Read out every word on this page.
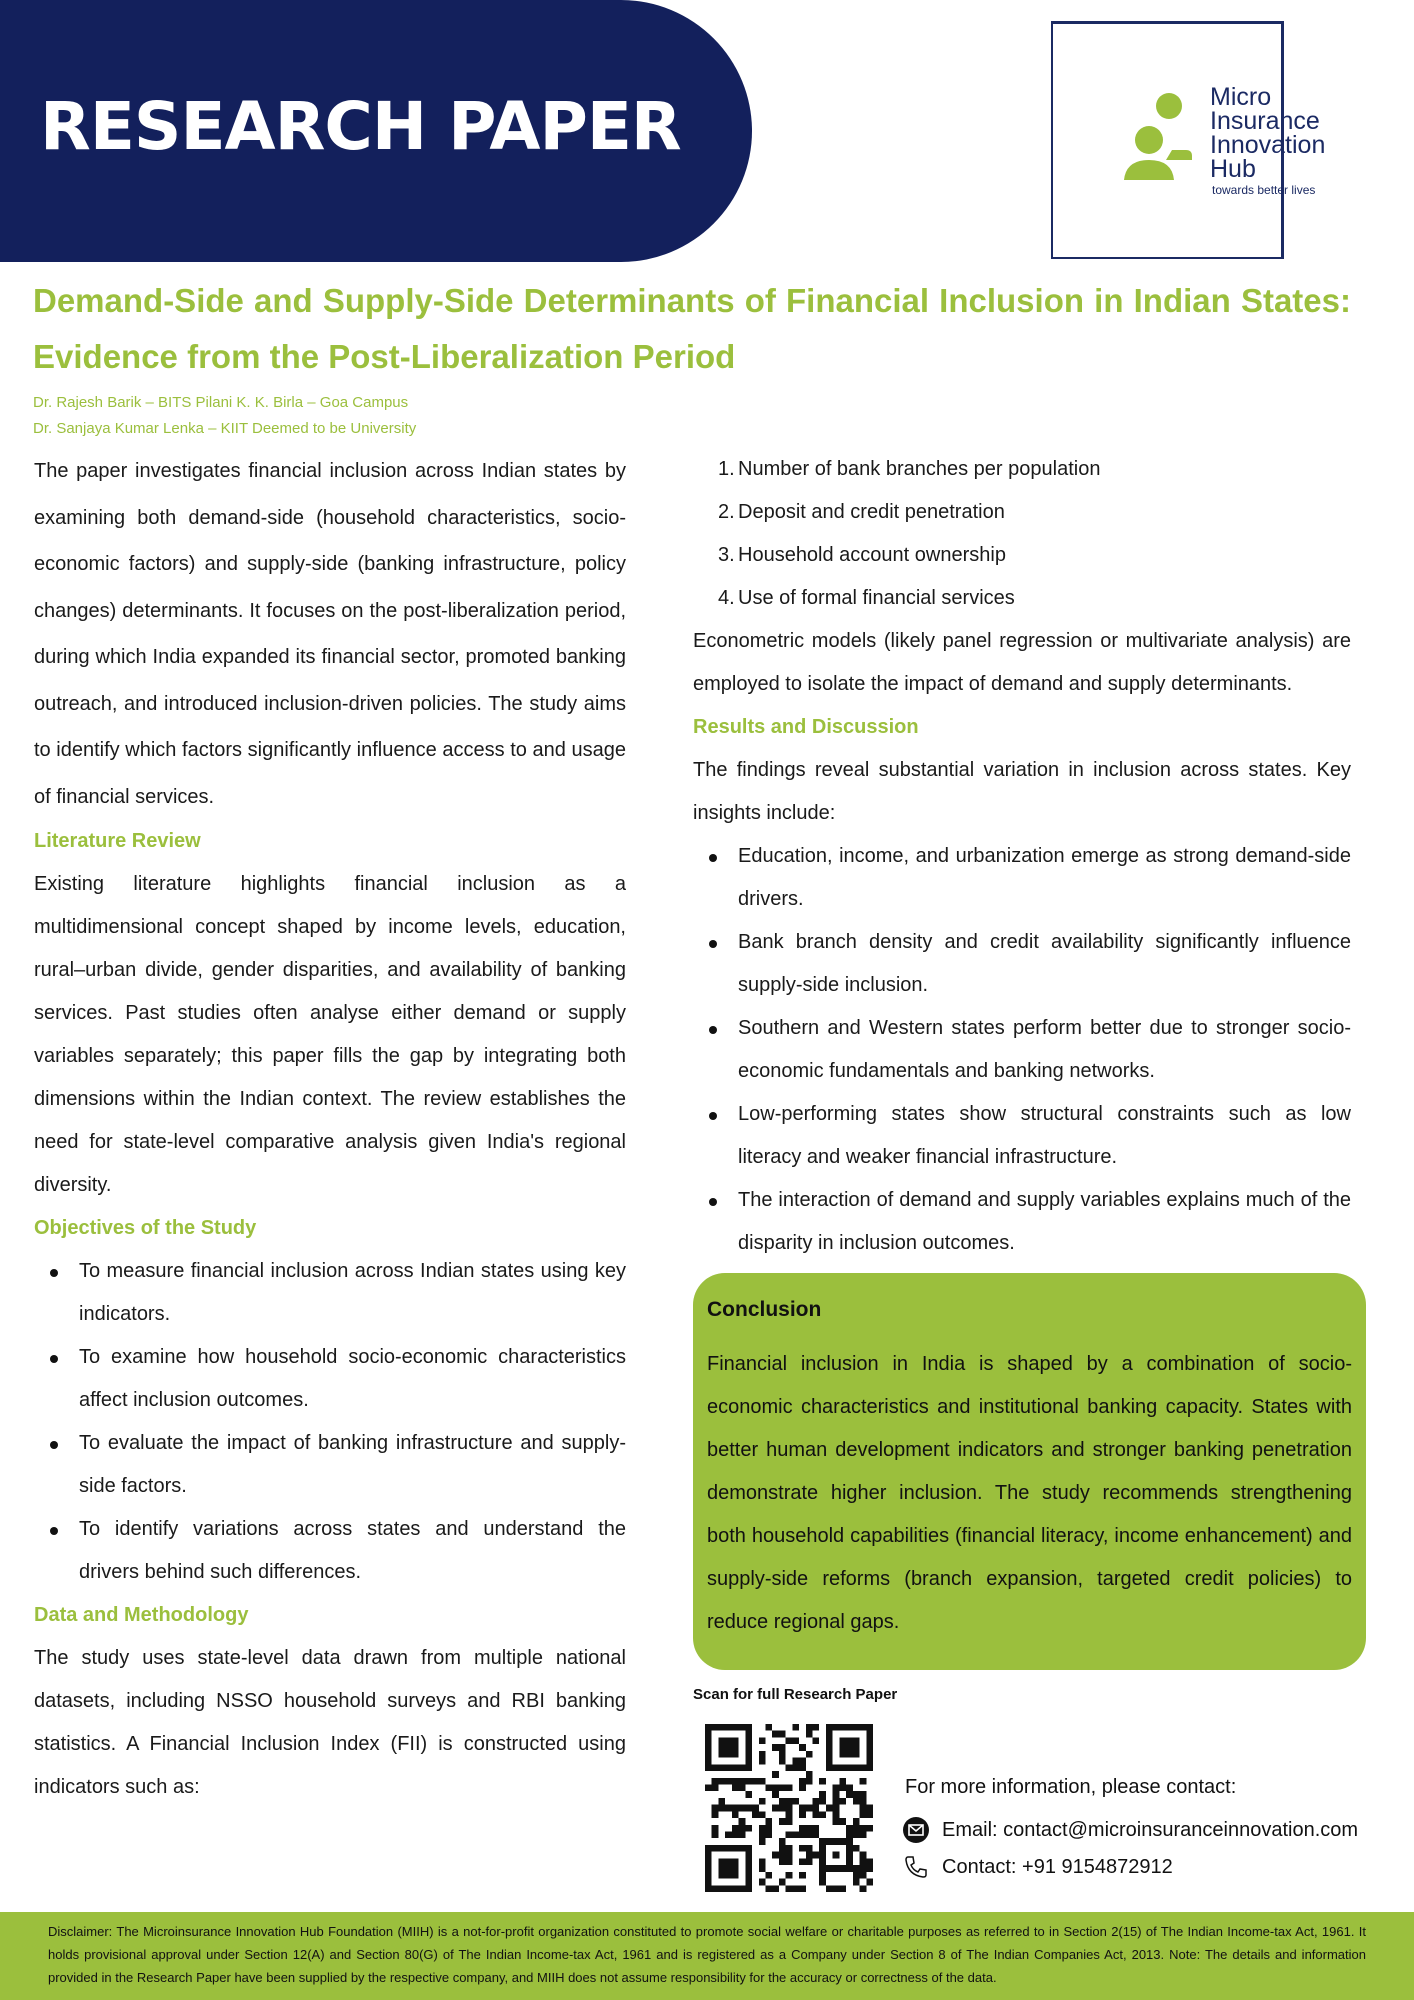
RESEARCH PAPER	Micro
Insurance
Innovation
Hub
towards better lives
Demand-Side and Supply-Side Determinants of Financial Inclusion in Indian States: Evidence from the Post-Liberalization Period
Dr. Rajesh Barik – BITS Pilani K. K. Birla – Goa Campus
Dr. Sanjaya Kumar Lenka – KIIT Deemed to be University

The paper investigates financial inclusion across Indian states by examining both demand-side (household characteristics, socio-economic factors) and supply-side (banking infrastructure, policy changes) determinants. It focuses on the post-liberalization period, during which India expanded its financial sector, promoted banking outreach, and introduced inclusion-driven policies. The study aims to identify which factors significantly influence access to and usage of financial services.

Literature Review

Existing literature highlights financial inclusion as a multidimensional concept shaped by income levels, education, rural–urban divide, gender disparities, and availability of banking services. Past studies often analyse either demand or supply variables separately; this paper fills the gap by integrating both dimensions within the Indian context. The review establishes the need for state-level comparative analysis given India's regional diversity.

Objectives of the Study
To measure financial inclusion across Indian states using key indicators.
To examine how household socio-economic characteristics affect inclusion outcomes.
To evaluate the impact of banking infrastructure and supply-side factors.
To identify variations across states and understand the drivers behind such differences.
Data and Methodology

The study uses state-level data drawn from multiple national datasets, including NSSO household surveys and RBI banking statistics. A Financial Inclusion Index (FII) is constructed using indicators such as:

1. Number of bank branches per population
2. Deposit and credit penetration
3. Household account ownership
4. Use of formal financial services

Econometric models (likely panel regression or multivariate analysis) are employed to isolate the impact of demand and supply determinants.

Results and Discussion

The findings reveal substantial variation in inclusion across states. Key insights include:

Education, income, and urbanization emerge as strong demand-side drivers.
Bank branch density and credit availability significantly influence supply-side inclusion.
Southern and Western states perform better due to stronger socio-economic fundamentals and banking networks.
Low-performing states show structural constraints such as low literacy and weaker financial infrastructure.
The interaction of demand and supply variables explains much of the disparity in inclusion outcomes.
Conclusion

Financial inclusion in India is shaped by a combination of socio-economic characteristics and institutional banking capacity. States with better human development indicators and stronger banking penetration demonstrate higher inclusion. The study recommends strengthening both household capabilities (financial literacy, income enhancement) and supply-side reforms (branch expansion, targeted credit policies) to reduce regional gaps.

Scan for full Research Paper
For more information, please contact:
Email: contact@microinsuranceinnovation.com
Contact: +91 9154872912
Disclaimer: The Microinsurance Innovation Hub Foundation (MIIH) is a not-for-profit organization constituted to promote social welfare or charitable purposes as referred to in Section 2(15) of The Indian Income-tax Act, 1961. It holds provisional approval under Section 12(A) and Section 80(G) of The Indian Income-tax Act, 1961 and is registered as a Company under Section 8 of The Indian Companies Act, 2013. Note: The details and information provided in the Research Paper have been supplied by the respective company, and MIIH does not assume responsibility for the accuracy or correctness of the data.
